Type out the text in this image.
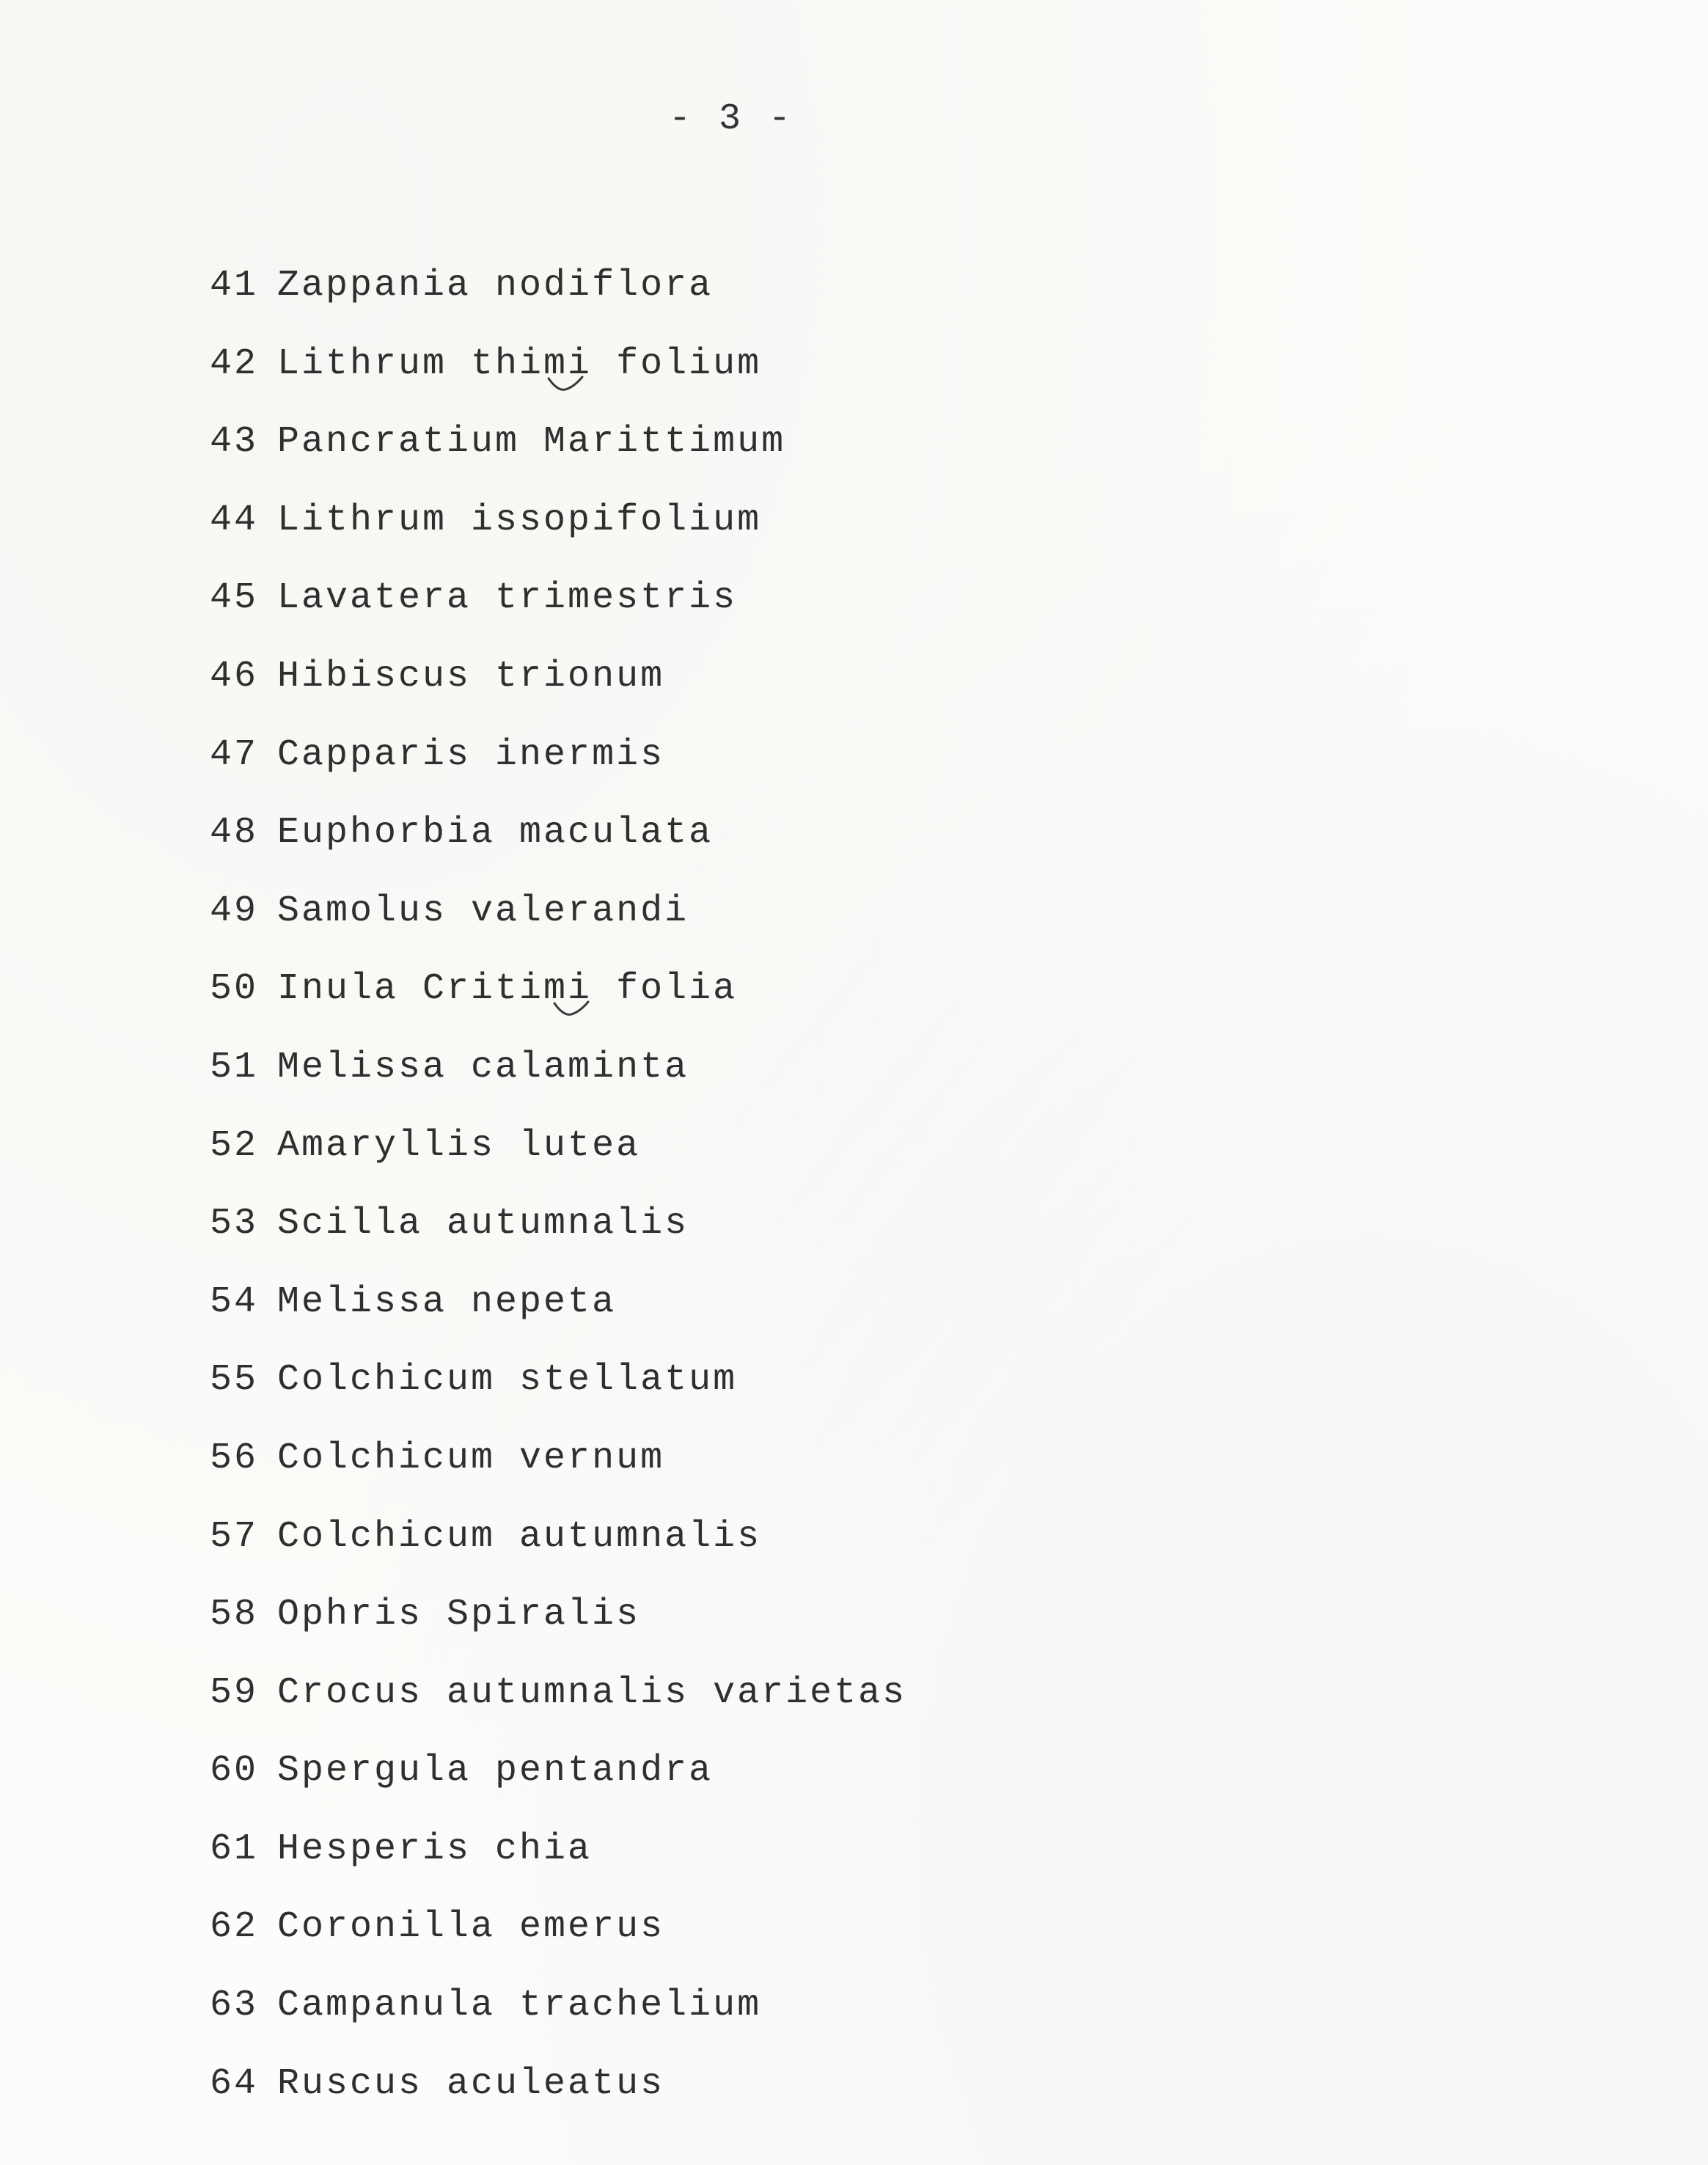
- 3 -
41 Zappania nodiflora
42 Lithrum thimi folium
43 Pancratium Marittimum
44 Lithrum issopifolium
45 Lavatera trimestris
46 Hibiscus trionum
47 Capparis inermis
48 Euphorbia maculata
49 Samolus valerandi
50 Inula Critimi folia
51 Melissa calaminta
52 Amaryllis lutea
53 Scilla autumnalis
54 Melissa nepeta
55 Colchicum stellatum
56 Colchicum vernum
57 Colchicum autumnalis
58 Ophris Spiralis
59 Crocus autumnalis varietas
60 Spergula pentandra
61 Hesperis chia
62 Coronilla emerus
63 Campanula trachelium
64 Ruscus aculeatus
